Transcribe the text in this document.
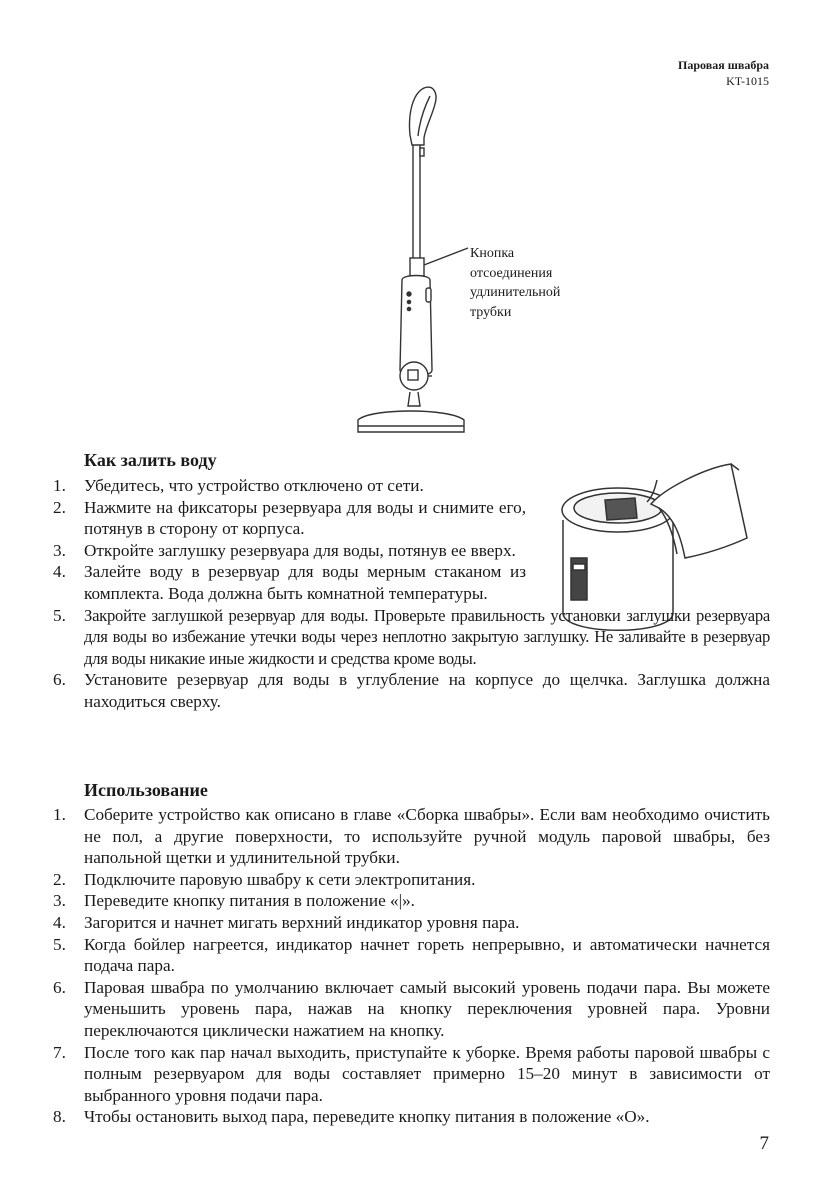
Паровая швабра
KT-1015
Кнопка
отсоединения
удлинительной
трубки
Как залить воду
1.	Убедитесь, что устройство отключено от сети.
2.	Нажмите на фиксаторы резервуара для воды и снимите его, потянув в сторону от корпуса.
3.	Откройте заглушку резервуара для воды, потянув ее вверх.
4.	Залейте воду в резервуар для воды мерным стаканом из комплекта. Вода должна быть комнатной температуры.
5.	Закройте заглушкой резервуар для воды. Проверьте правильность установки заглушки резервуара для воды во избежание утечки воды через неплотно закрытую заглушку. Не заливайте в резервуар для воды никакие иные жидкости и средства кроме воды.
6.	Установите резервуар для воды в углубление на корпусе до щелчка. Заглушка должна находиться сверху.
Использование
1.	Соберите устройство как описано в главе «Сборка швабры». Если вам необходимо очистить не пол, а другие поверхности, то используйте ручной модуль паровой швабры, без напольной щетки и удлинительной трубки.
2.	Подключите паровую швабру к сети электропитания.
3.	Переведите кнопку питания в положение «|».
4.	Загорится и начнет мигать верхний индикатор уровня пара.
5.	Когда бойлер нагреется, индикатор начнет гореть непрерывно, и автоматически начнется подача пара.
6.	Паровая швабра по умолчанию включает самый высокий уровень подачи пара. Вы можете уменьшить уровень пара, нажав на кнопку переключения уровней пара. Уровни переключаются циклически нажатием на кнопку.
7.	После того как пар начал выходить, приступайте к уборке. Время работы паровой швабры с полным резервуаром для воды составляет примерно 15–20 минут в зависимости от выбранного уровня подачи пара.
8.	Чтобы остановить выход пара, переведите кнопку питания в положение «O».
7
